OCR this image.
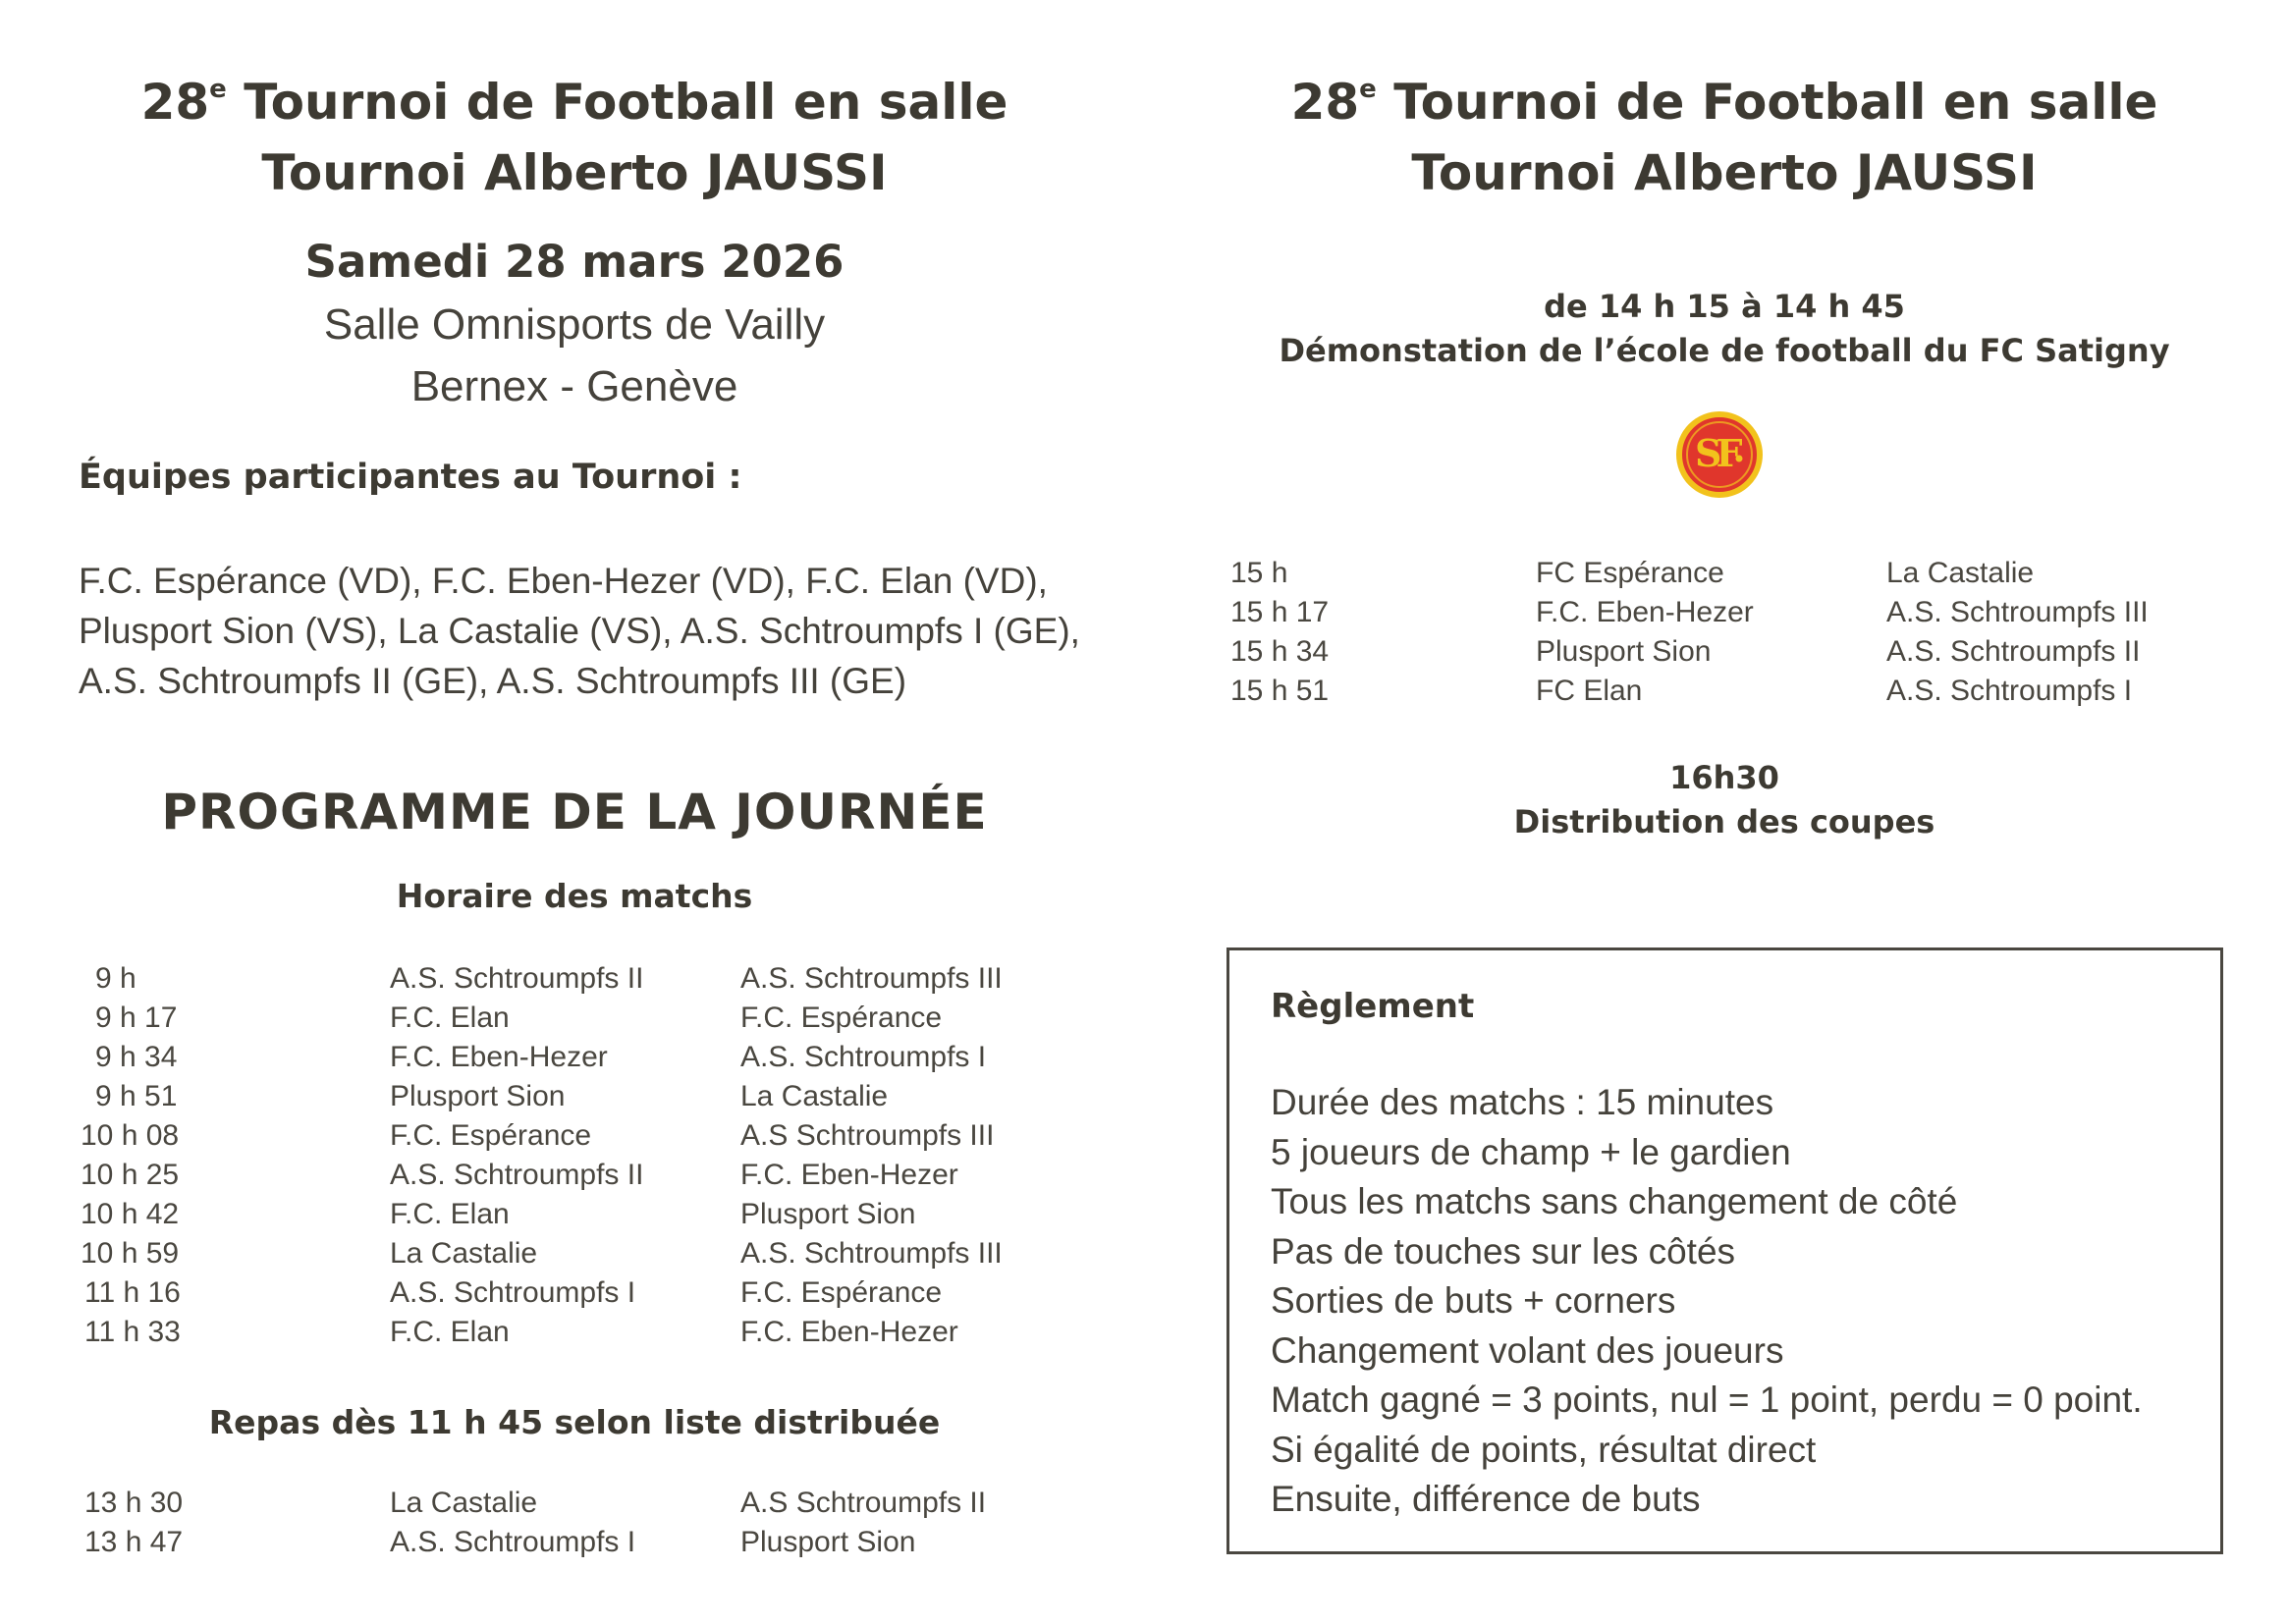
28e Tournoi de Football en salle
Tournoi Alberto JAUSSI
Samedi 28 mars 2026
Salle Omnisports de Vailly
Bernex - Genève
Équipes participantes au Tournoi :
F.C. Espérance (VD), F.C. Eben-Hezer (VD), F.C. Elan (VD),
Plusport Sion (VS), La Castalie (VS), A.S. Schtroumpfs I (GE),
A.S. Schtroumpfs II (GE), A.S. Schtroumpfs III (GE)
PROGRAMME DE LA JOURNÉE
Horaire des matchs
9 h	A.S. Schtroumpfs II	A.S. Schtroumpfs III
9 h 17	F.C. Elan	F.C. Espérance
9 h 34	F.C. Eben-Hezer	A.S. Schtroumpfs I
9 h 51	Plusport Sion	La Castalie
10 h 08	F.C. Espérance	A.S Schtroumpfs III
10 h 25	A.S. Schtroumpfs II	F.C. Eben-Hezer
10 h 42	F.C. Elan	Plusport Sion
10 h 59	La Castalie	A.S. Schtroumpfs III
11 h 16	A.S. Schtroumpfs I	F.C. Espérance
11 h 33	F.C. Elan	F.C. Eben-Hezer
Repas dès 11 h 45 selon liste distribuée
13 h 30	La Castalie	A.S Schtroumpfs II
13 h 47	A.S. Schtroumpfs I	Plusport Sion
28e Tournoi de Football en salle
Tournoi Alberto JAUSSI
de 14 h 15 à 14 h 45
Démonstation de l’école de football du FC Satigny
SF
15 h	FC Espérance	La Castalie
15 h 17	F.C. Eben-Hezer	A.S. Schtroumpfs III
15 h 34	Plusport Sion	A.S. Schtroumpfs II
15 h 51	FC Elan	A.S. Schtroumpfs I
16h30
Distribution des coupes
Règlement
Durée des matchs : 15 minutes
5 joueurs de champ + le gardien
Tous les matchs sans changement de côté
Pas de touches sur les côtés
Sorties de buts + corners
Changement volant des joueurs
Match gagné = 3 points, nul = 1 point, perdu = 0 point.
Si égalité de points, résultat direct
Ensuite, différence de buts
